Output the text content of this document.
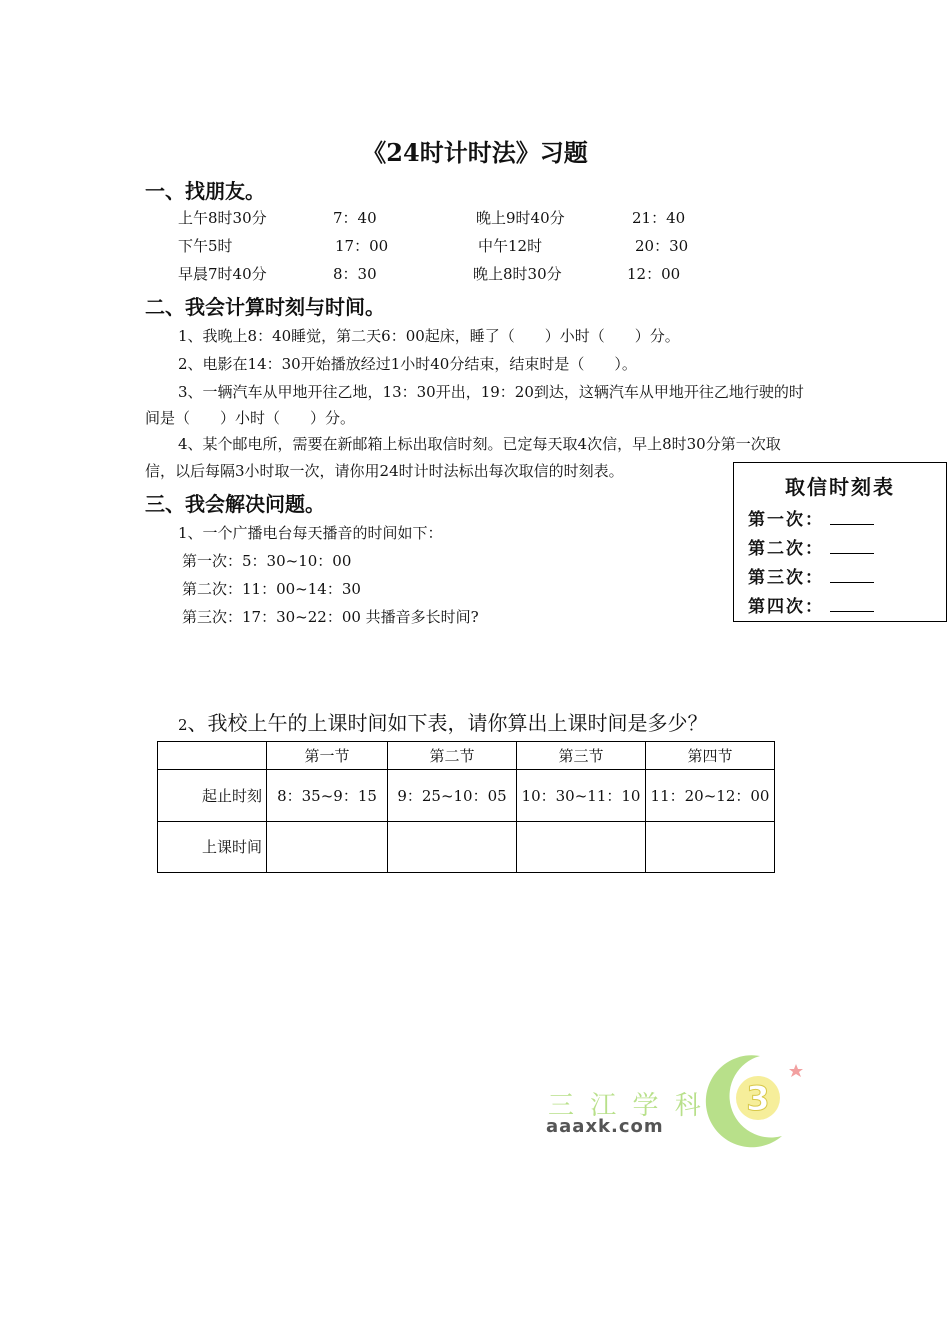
《24时计时法》习题
一、找朋友。
上午8时30分	7：40	晚上9时40分	21：40
下午5时	17：00	中午12时	20：30
早晨7时40分	8：30	晚上8时30分	12：00
二、我会计算时刻与时间。
1、我晚上8：40睡觉，第二天6：00起床，睡了（　　）小时（　　）分。
2、电影在14：30开始播放经过1小时40分结束，结束时是（　　）。
3、一辆汽车从甲地开往乙地，13：30开出，19：20到达，这辆汽车从甲地开往乙地行驶的时
间是（　　）小时（　　）分。
4、某个邮电所，需要在新邮箱上标出取信时刻。已定每天取4次信，早上8时30分第一次取
信，以后每隔3小时取一次，请你用24时计时法标出每次取信的时刻表。
取信时刻表
第一次：
第二次：
第三次：
第四次：
三、我会解决问题。
1、一个广播电台每天播音的时间如下：
第一次：5：30~10：00
第二次：11：00~14：30
第三次：17：30~22：00 共播音多长时间?
2、我校上午的上课时间如下表，请你算出上课时间是多少？
	第一节	第二节	第三节	第四节
起止时刻	8：35~9：15	9：25~10：05	10：30~11：10	11：20~12：00
上课时间				
三 江 学 科
aaaxk.com
3
